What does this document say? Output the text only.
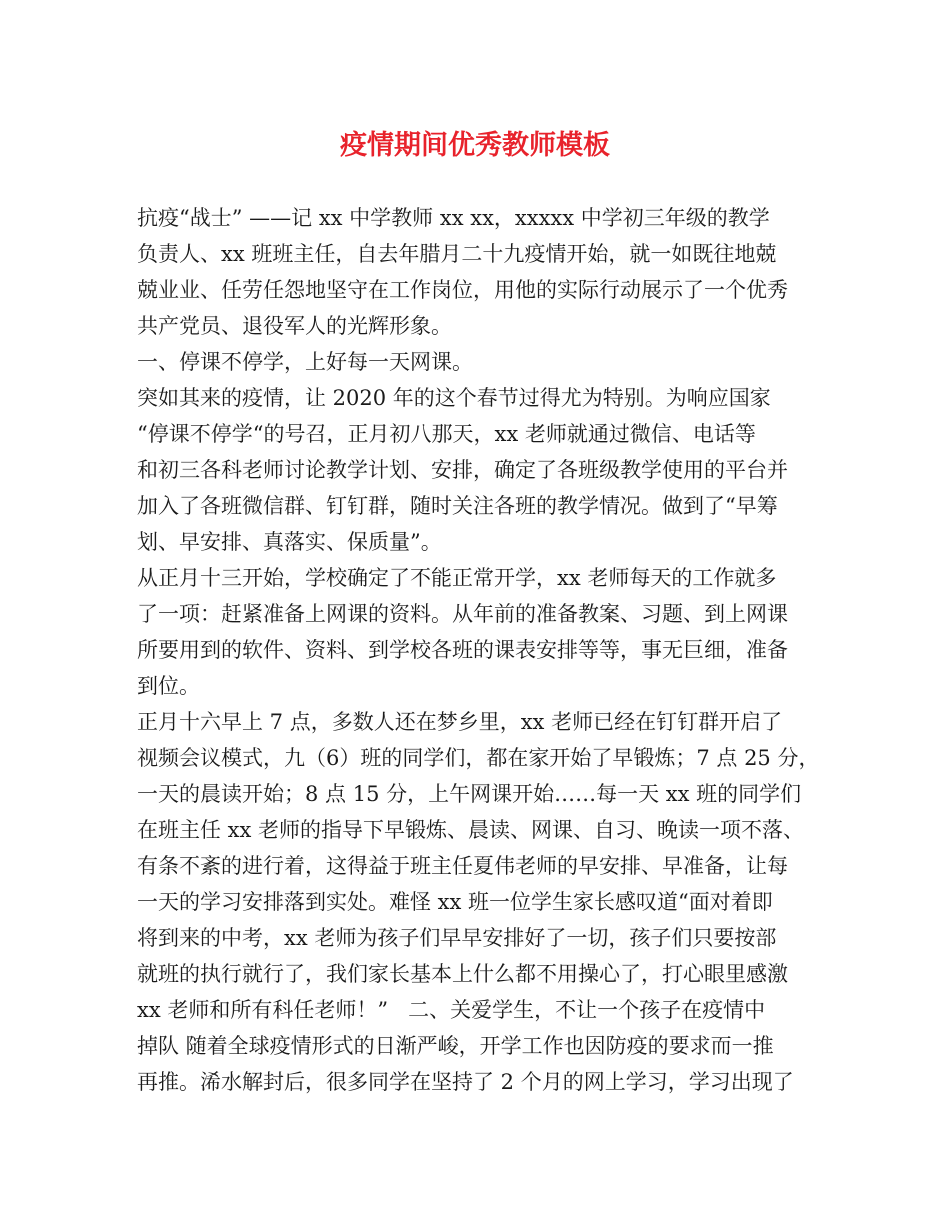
疫情期间优秀教师模板
抗疫“战士” ——记 xx 中学教师 xx xx，xxxxx 中学初三年级的教学
负责人、xx 班班主任，自去年腊月二十九疫情开始，就一如既往地兢
兢业业、任劳任怨地坚守在工作岗位，用他的实际行动展示了一个优秀
共产党员、退役军人的光辉形象。
一、停课不停学，上好每一天网课。
突如其来的疫情，让 2020 年的这个春节过得尤为特别。为响应国家
“停课不停学“的号召，正月初八那天，xx 老师就通过微信、电话等
和初三各科老师讨论教学计划、安排，确定了各班级教学使用的平台并
加入了各班微信群、钉钉群，随时关注各班的教学情况。做到了“早筹
划、早安排、真落实、保质量”。
从正月十三开始，学校确定了不能正常开学，xx 老师每天的工作就多
了一项：赶紧准备上网课的资料。从年前的准备教案、习题、到上网课
所要用到的软件、资料、到学校各班的课表安排等等，事无巨细，准备
到位。
正月十六早上 7 点，多数人还在梦乡里，xx 老师已经在钉钉群开启了
视频会议模式，九（6）班的同学们，都在家开始了早锻炼；7 点 25 分，
一天的晨读开始；8 点 15 分，上午网课开始……每一天 xx 班的同学们
在班主任 xx 老师的指导下早锻炼、晨读、网课、自习、晚读一项不落、
有条不紊的进行着，这得益于班主任夏伟老师的早安排、早准备，让每
一天的学习安排落到实处。难怪 xx 班一位学生家长感叹道“面对着即
将到来的中考，xx 老师为孩子们早早安排好了一切，孩子们只要按部
就班的执行就行了，我们家长基本上什么都不用操心了，打心眼里感激
xx 老师和所有科任老师！”   二、关爱学生，不让一个孩子在疫情中
掉队 随着全球疫情形式的日渐严峻，开学工作也因防疫的要求而一推
再推。浠水解封后，很多同学在坚持了 2 个月的网上学习，学习出现了
